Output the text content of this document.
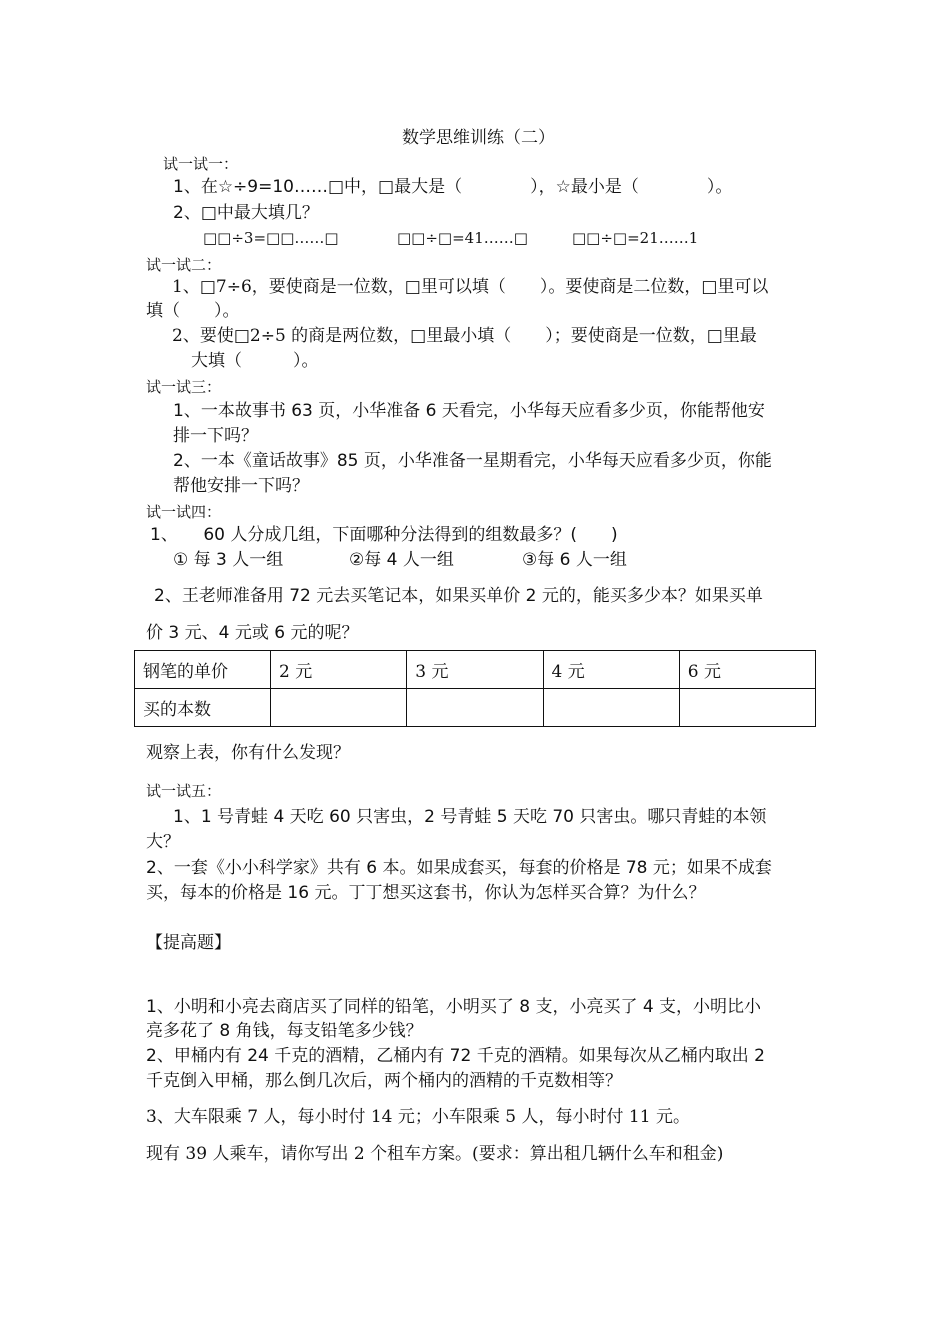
数学思维训练（二）
试一试一：
1、在☆÷9=10……□中，□最大是（　　　　），☆最小是（　　　　）。
2、□中最大填几？
□□÷3=□□……□	□□÷□=41……□	□□÷□=21……1
试一试二：
1、□7÷6，要使商是一位数，□里可以填（　　）。要使商是二位数，□里可以
填（　　）。
2、要使□2÷5 的商是两位数，□里最小填（　　）；要使商是一位数，□里最
大填（　　　）。
试一试三：
1、一本故事书 63 页，小华准备 6 天看完，小华每天应看多少页，你能帮他安
排一下吗？
2、一本《童话故事》85 页，小华准备一星期看完，小华每天应看多少页，你能
帮他安排一下吗？
试一试四：
1、　　60 人分成几组，下面哪种分法得到的组数最多？(　　)
① 每 3 人一组	②每 4 人一组	③每 6 人一组
2、王老师准备用 72 元去买笔记本，如果买单价 2 元的，能买多少本？如果买单
价 3 元、4 元或 6 元的呢？
钢笔的单价	2 元	3 元	4 元	6 元
买的本数				
观察上表，你有什么发现？
试一试五：
1、1 号青蛙 4 天吃 60 只害虫，2 号青蛙 5 天吃 70 只害虫。哪只青蛙的本领
大？
2、一套《小小科学家》共有 6 本。如果成套买，每套的价格是 78 元；如果不成套
买，每本的价格是 16 元。丁丁想买这套书，你认为怎样买合算？为什么？
【提高题】
1、小明和小亮去商店买了同样的铅笔，小明买了 8 支，小亮买了 4 支，小明比小
亮多花了 8 角钱，每支铅笔多少钱？
2、甲桶内有 24 千克的酒精，乙桶内有 72 千克的酒精。如果每次从乙桶内取出 2
千克倒入甲桶，那么倒几次后，两个桶内的酒精的千克数相等？
3、大车限乘 7 人，每小时付 14 元；小车限乘 5 人，每小时付 11 元。
现有 39 人乘车，请你写出 2 个租车方案。(要求：算出租几辆什么车和租金)
